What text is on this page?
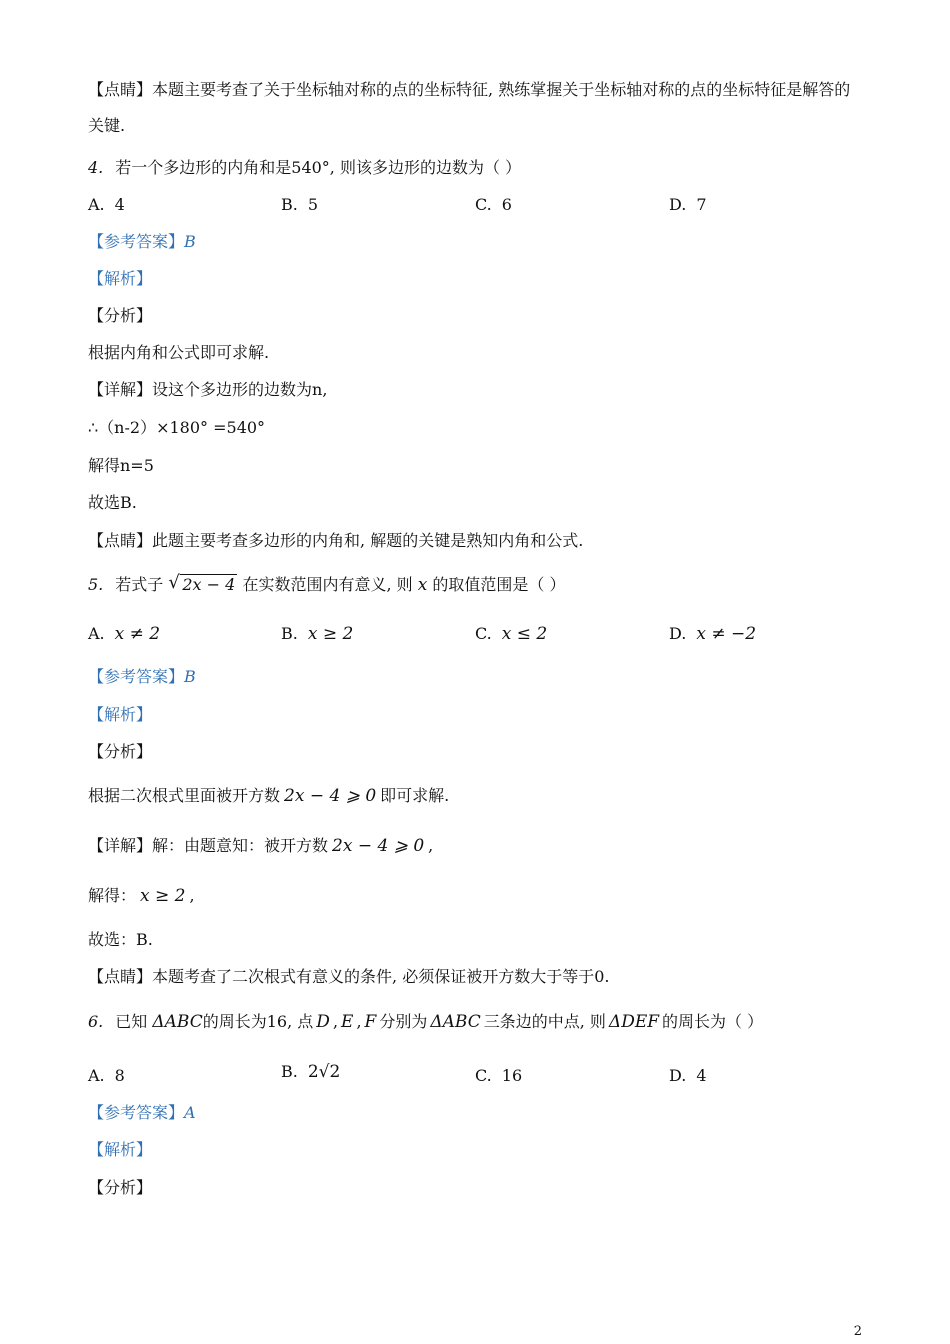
【点睛】本题主要考查了关于坐标轴对称的点的坐标特征, 熟练掌握关于坐标轴对称的点的坐标特征是解答的关键.
4. 若一个多边形的内角和是540°, 则该多边形的边数为（ ）
A. 4	B. 5	C. 6	D. 7
【参考答案】B
【解析】
【分析】
根据内角和公式即可求解.
【详解】设这个多边形的边数为n,
∴（n-2）×180° =540°
解得n=5
故选B.
【点睛】此题主要考查多边形的内角和, 解题的关键是熟知内角和公式.
5. 若式子 √ 2x − 4 在实数范围内有意义, 则 x 的取值范围是（ ）
A. x ≠ 2	B. x ≥ 2	C. x ≤ 2	D. x ≠ −2
【参考答案】B
【解析】
【分析】
根据二次根式里面被开方数 2x − 4 ⩾ 0 即可求解.
【详解】解：由题意知：被开方数 2x − 4 ⩾ 0 ,
解得： x ≥ 2 ,
故选：B.
【点睛】本题考查了二次根式有意义的条件, 必须保证被开方数大于等于0.
6. 已知 ΔABC的周长为16, 点 D , E , F 分别为 ΔABC 三条边的中点, 则 ΔDEF 的周长为（ ）
A. 8	B. 2√2	C. 16	D. 4
【参考答案】A
【解析】
【分析】
2
